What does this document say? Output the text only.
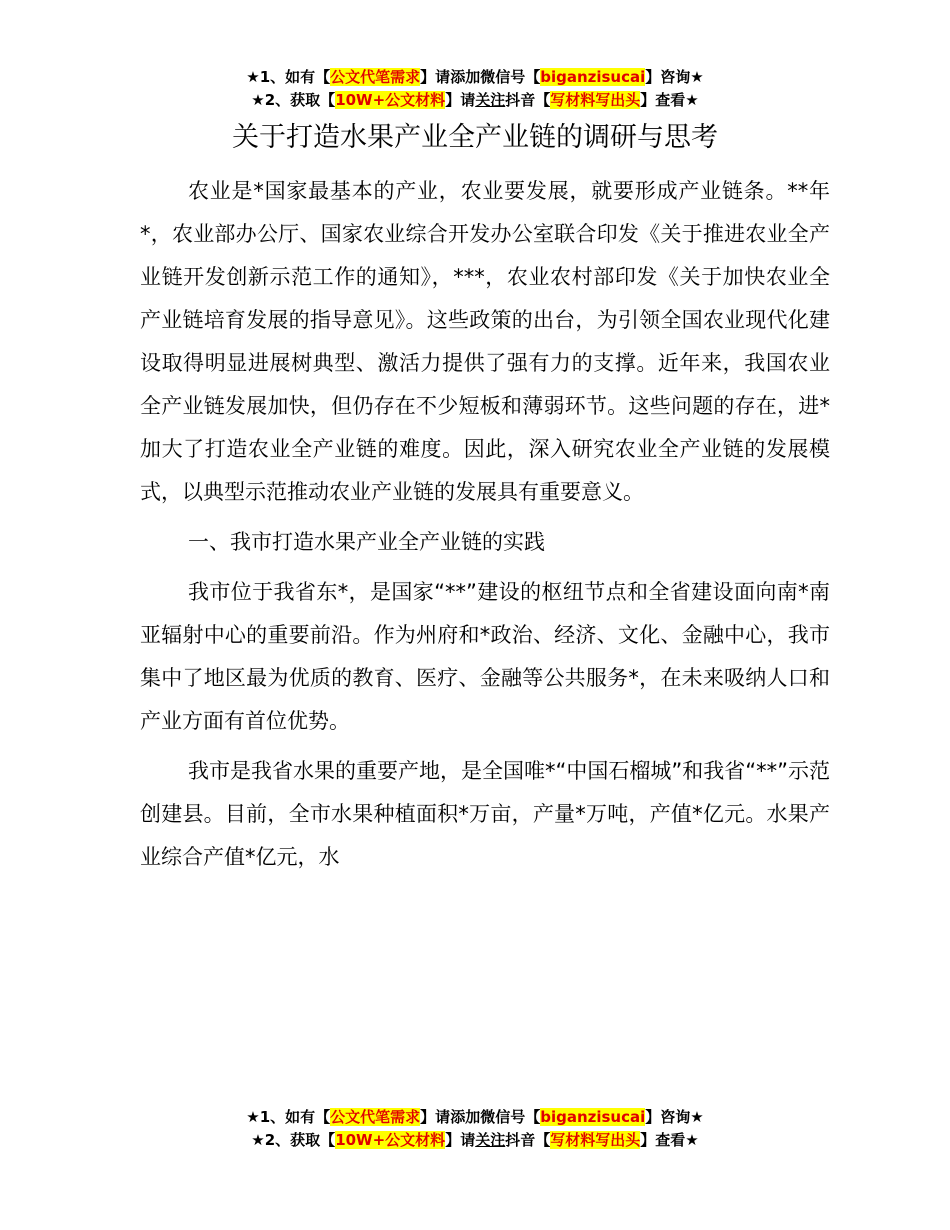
★1、如有【公文代笔需求】请添加微信号【biganzisucai】咨询★
★2、获取【10W+公文材料】请关注抖音【写材料写出头】查看★
关于打造水果产业全产业链的调研与思考

农业是*国家最基本的产业，农业要发展，就要形成产业链条。**年*，农业部办公厅、国家农业综合开发办公室联合印发《关于推进农业全产业链开发创新示范工作的通知》，***，农业农村部印发《关于加快农业全产业链培育发展的指导意见》。这些政策的出台，为引领全国农业现代化建设取得明显进展树典型、激活力提供了强有力的支撑。近年来，我国农业全产业链发展加快，但仍存在不少短板和薄弱环节。这些问题的存在，进*加大了打造农业全产业链的难度。因此，深入研究农业全产业链的发展模式，以典型示范推动农业产业链的发展具有重要意义。

一、我市打造水果产业全产业链的实践

我市位于我省东*，是国家“**”建设的枢纽节点和全省建设面向南*南亚辐射中心的重要前沿。作为州府和*政治、经济、文化、金融中心，我市集中了地区最为优质的教育、医疗、金融等公共服务*，在未来吸纳人口和产业方面有首位优势。

我市是我省水果的重要产地，是全国唯*“中国石榴城”和我省“**”示范创建县。目前，全市水果种植面积*万亩，产量*万吨，产值*亿元。水果产业综合产值*亿元，水

★1、如有【公文代笔需求】请添加微信号【biganzisucai】咨询★
★2、获取【10W+公文材料】请关注抖音【写材料写出头】查看★
